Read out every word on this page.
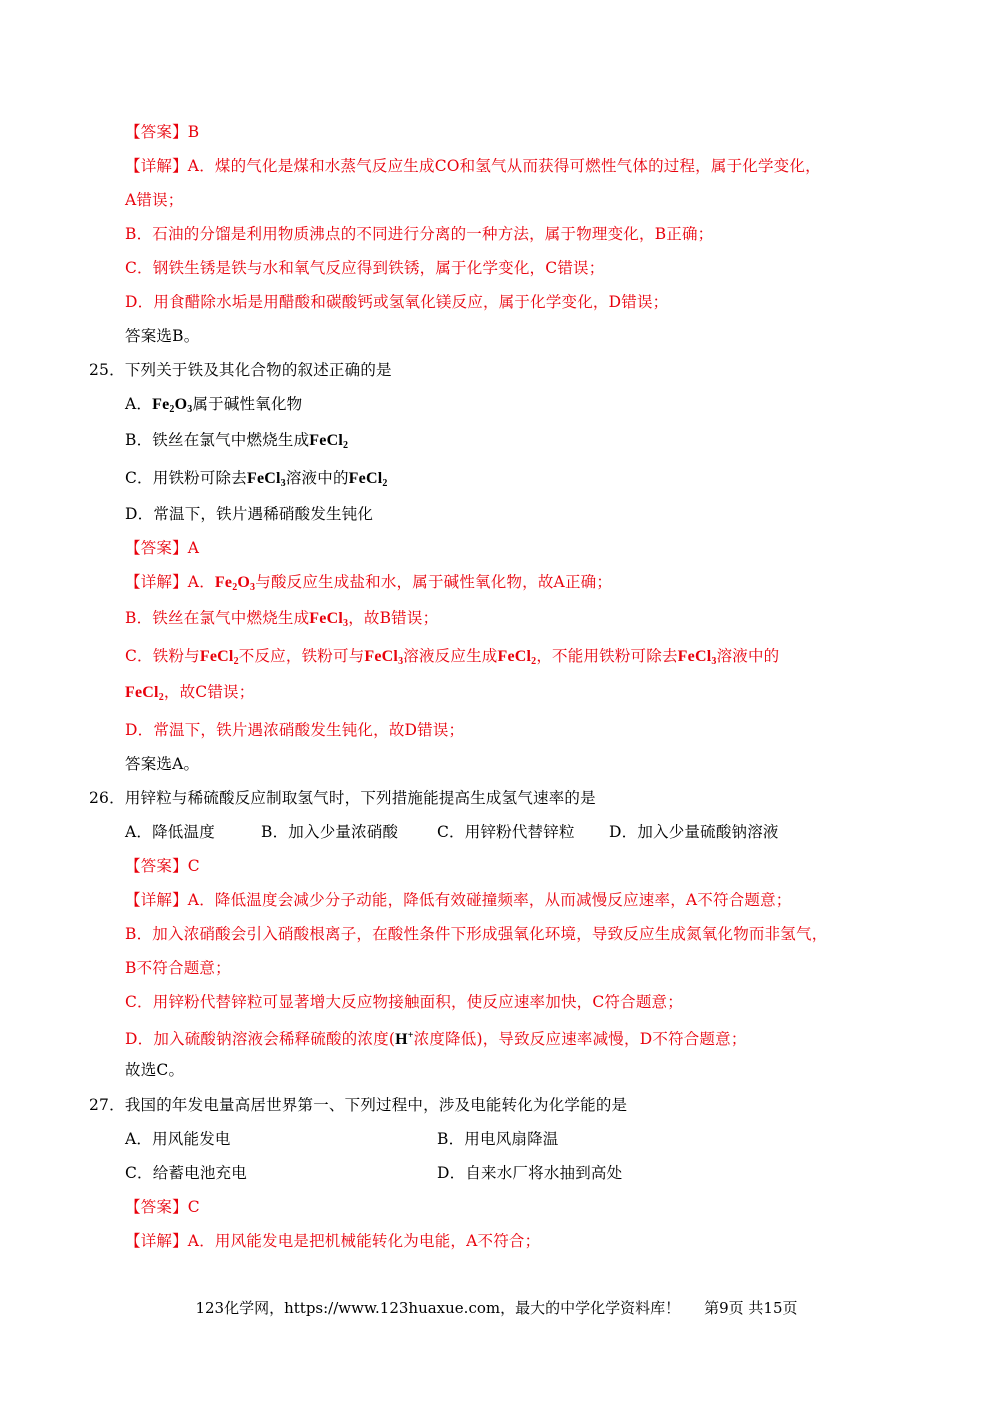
【答案】B
【详解】A．煤的气化是煤和水蒸气反应生成CO和氢气从而获得可燃性气体的过程，属于化学变化，
A错误；
B．石油的分馏是利用物质沸点的不同进行分离的一种方法，属于物理变化，B正确；
C．钢铁生锈是铁与水和氧气反应得到铁锈，属于化学变化，C错误；
D．用食醋除水垢是用醋酸和碳酸钙或氢氧化镁反应，属于化学变化，D错误；
答案选B。
25．下列关于铁及其化合物的叙述正确的是
A．$Fe_2O_3$属于碱性氧化物
B．铁丝在氯气中燃烧生成FeCl$_2$
C．用铁粉可除去FeCl$_3$溶液中的FeCl$_2$
D．常温下，铁片遇稀硝酸发生钝化
【答案】A
【详解】A．$Fe_2O_3$与酸反应生成盐和水，属于碱性氧化物，故A正确；
B．铁丝在氯气中燃烧生成FeCl$_3$，故B错误；
C．铁粉与FeCl$_2$不反应，铁粉可与FeCl$_3$溶液反应生成FeCl$_2$，不能用铁粉可除去FeCl$_3$溶液中的
FeCl$_2$，故C错误；
D．常温下，铁片遇浓硝酸发生钝化，故D错误；
答案选A。
26．用锌粒与稀硫酸反应制取氢气时，下列措施能提高生成氢气速率的是
A．降低温度	B．加入少量浓硝酸	C．用锌粉代替锌粒 D．加入少量硫酸钠溶液
【答案】C
【详解】A．降低温度会减少分子动能，降低有效碰撞频率，从而减慢反应速率，A不符合题意；
B．加入浓硝酸会引入硝酸根离子，在酸性条件下形成强氧化环境，导致反应生成氮氧化物而非氢气，
B不符合题意；
C．用锌粉代替锌粒可显著增大反应物接触面积，使反应速率加快，C符合题意；
D．加入硫酸钠溶液会稀释硫酸的浓度(H+浓度降低)，导致反应速率减慢，D不符合题意；
故选C。
27．我国的年发电量高居世界第一、下列过程中，涉及电能转化为化学能的是
A．用风能发电	B．用电风扇降温
C．给蓄电池充电	D．自来水厂将水抽到高处
【答案】C
【详解】A．用风能发电是把机械能转化为电能，A不符合；
123化学网，https://www.123huaxue.com，最大的中学化学资料库！ 第9页 共15页
